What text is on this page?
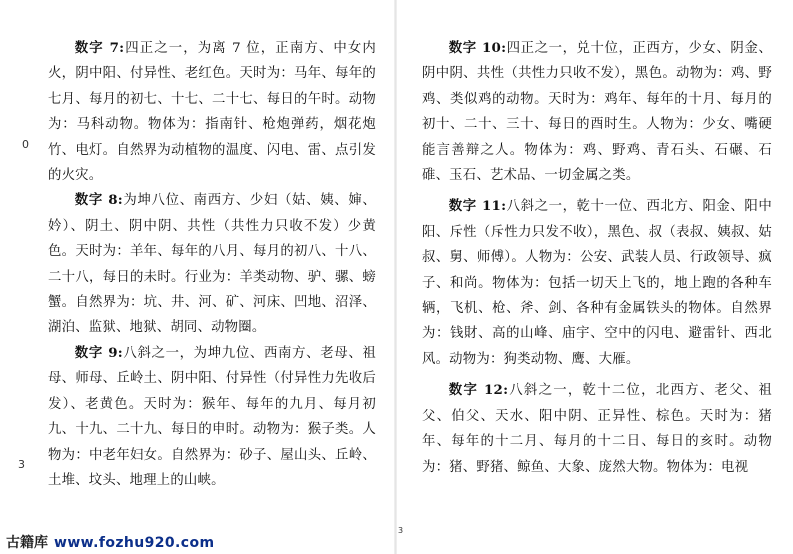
数字 7:四正之一，为离 7 位，正南方、中女内火，阴中阳、付异性、老红色。天时为：马年、每年的七月、每月的初七、十七、二十七、每日的午时。动物为：马科动物。物体为：指南针、枪炮弹药，烟花炮竹、电灯。自然界为动植物的温度、闪电、雷、点引发的火灾。

数字 8:为坤八位、南西方、少妇（姑、姨、婶、妗）、阴土、阴中阴、共性（共性力只收不发）少黄色。天时为：羊年、每年的八月、每月的初八、十八、二十八，每日的未时。行业为：羊类动物、驴、骡、螃蟹。自然界为：坑、井、河、矿、河床、凹地、沼泽、湖泊、监狱、地狱、胡同、动物圈。

数字 9:八斜之一，为坤九位、西南方、老母、祖母、师母、丘岭土、阴中阳、付异性（付异性力先收后发）、老黄色。天时为：猴年、每年的九月、每月初九、十九、二十九、每日的申时。动物为：猴子类。人物为：中老年妇女。自然界为：砂子、屋山头、丘岭、土堆、坟头、地理上的山峡。

0
3

数字 10:四正之一，兑十位，正西方，少女、阴金、阴中阴、共性（共性力只收不发），黑色。动物为：鸡、野鸡、类似鸡的动物。天时为：鸡年、每年的十月、每月的初十、二十、三十、每日的酉时生。人物为：少女、嘴硬能言善辩之人。物体为：鸡、野鸡、青石头、石碾、石碓、玉石、艺术品、一切金属之类。

数字 11:八斜之一，乾十一位、西北方、阳金、阳中阳、斥性（斥性力只发不收），黑色、叔（表叔、姨叔、姑叔、舅、师傅）。人物为：公安、武装人员、行政领导、疯子、和尚。物体为：包括一切天上飞的，地上跑的各种车辆，飞机、枪、斧、剑、各种有金属铁头的物体。自然界为：钱財、高的山峰、庙宇、空中的闪电、避雷针、西北风。动物为：狗类动物、鹰、大雁。

数字 12:八斜之一，乾十二位，北西方、老父、祖父、伯父、天水、阳中阴、正异性、棕色。天时为：猪年、每年的十二月、每月的十二日、每日的亥时。动物为：猪、野猪、鲸鱼、大象、庞然大物。物体为：电视

3
古籍库 www.fozhu920.com
